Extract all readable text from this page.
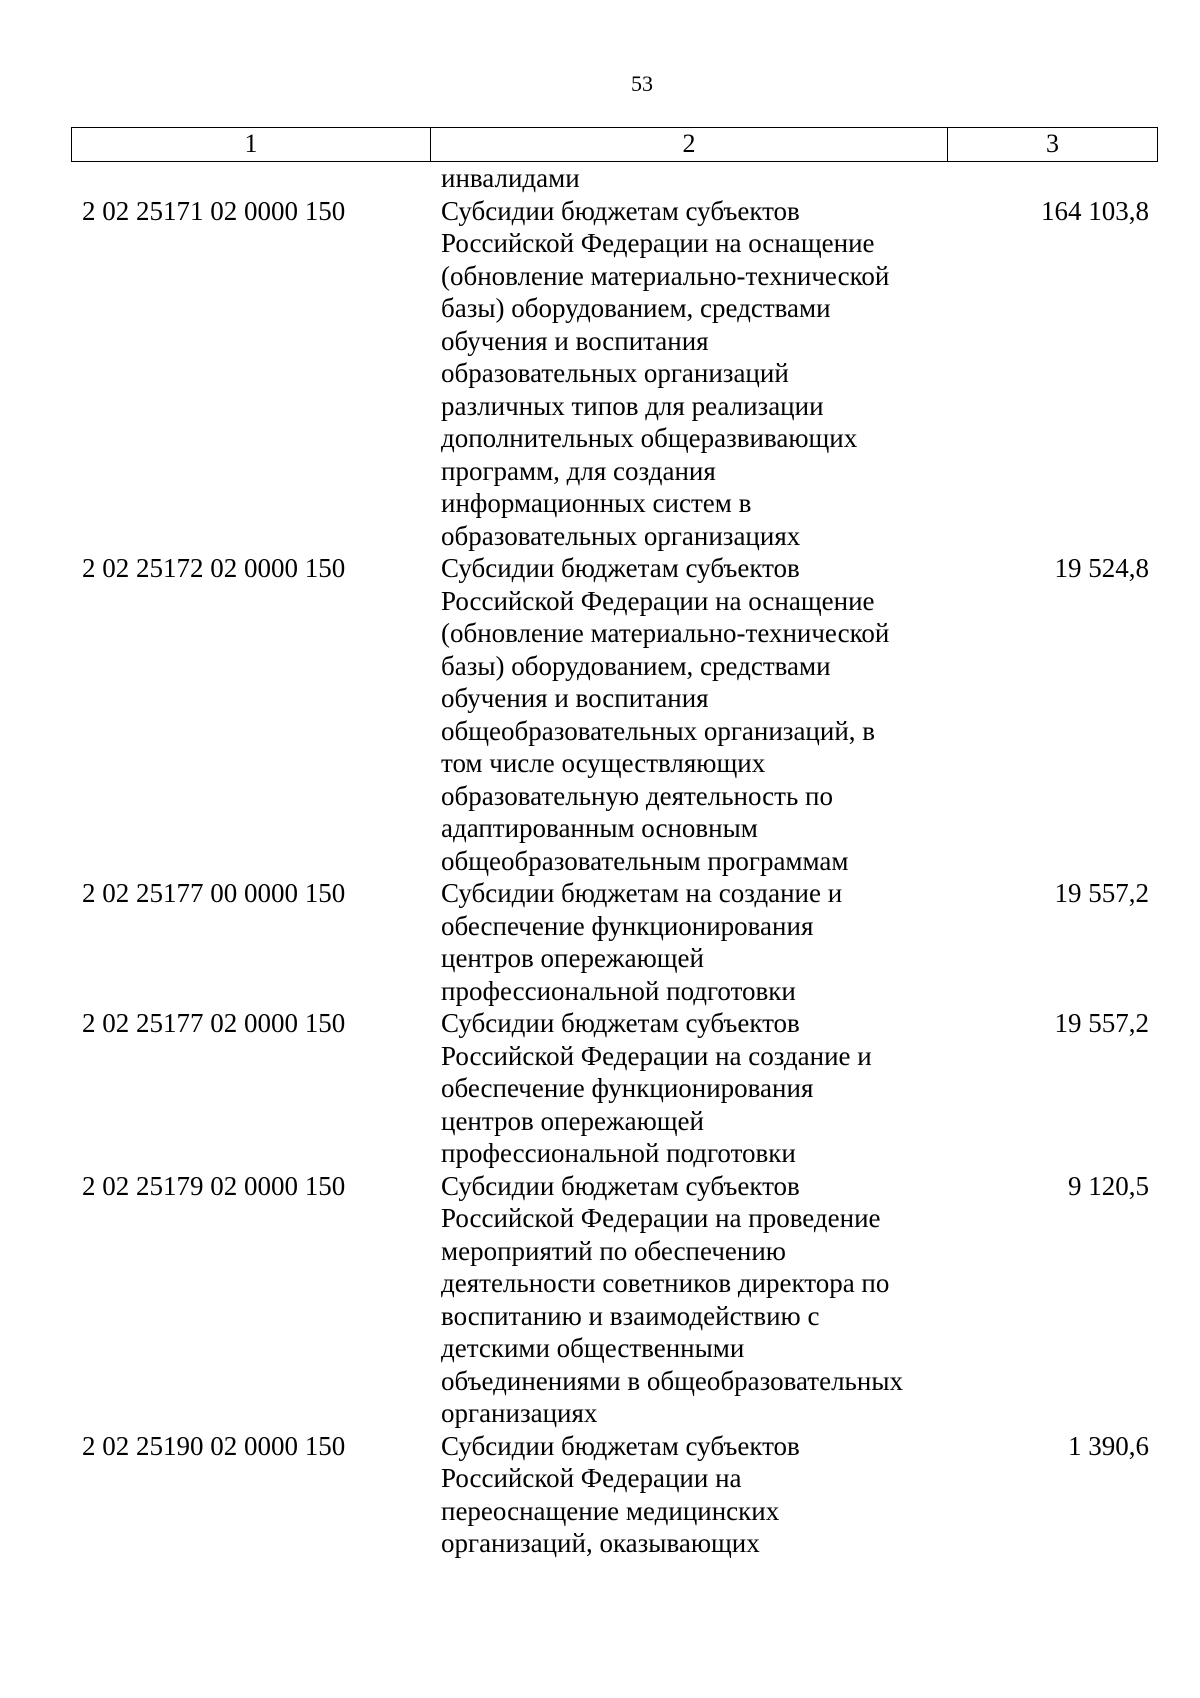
53
1	2	3
инвалидами
2 02 25171 02 0000 150	Субсидии бюджетам субъектов
Российской Федерации на оснащение
(обновление материально-технической
базы) оборудованием, средствами
обучения и воспитания
образовательных организаций
различных типов для реализации
дополнительных общеразвивающих
программ, для создания
информационных систем в
образовательных организациях
164 103,8
2 02 25172 02 0000 150	Субсидии бюджетам субъектов
Российской Федерации на оснащение
(обновление материально-технической
базы) оборудованием, средствами
обучения и воспитания
общеобразовательных организаций, в
том числе осуществляющих
образовательную деятельность по
адаптированным основным
общеобразовательным программам
19 524,8
2 02 25177 00 0000 150	Субсидии бюджетам на создание и
обеспечение функционирования
центров опережающей
профессиональной подготовки
19 557,2
2 02 25177 02 0000 150	Субсидии бюджетам субъектов
Российской Федерации на создание и
обеспечение функционирования
центров опережающей
профессиональной подготовки
19 557,2
2 02 25179 02 0000 150	Субсидии бюджетам субъектов
Российской Федерации на проведение
мероприятий по обеспечению
деятельности советников директора по
воспитанию и взаимодействию с
детскими общественными
объединениями в общеобразовательных
организациях
9 120,5
2 02 25190 02 0000 150	Субсидии бюджетам субъектов
Российской Федерации на
переоснащение медицинских
организаций, оказывающих
1 390,6
